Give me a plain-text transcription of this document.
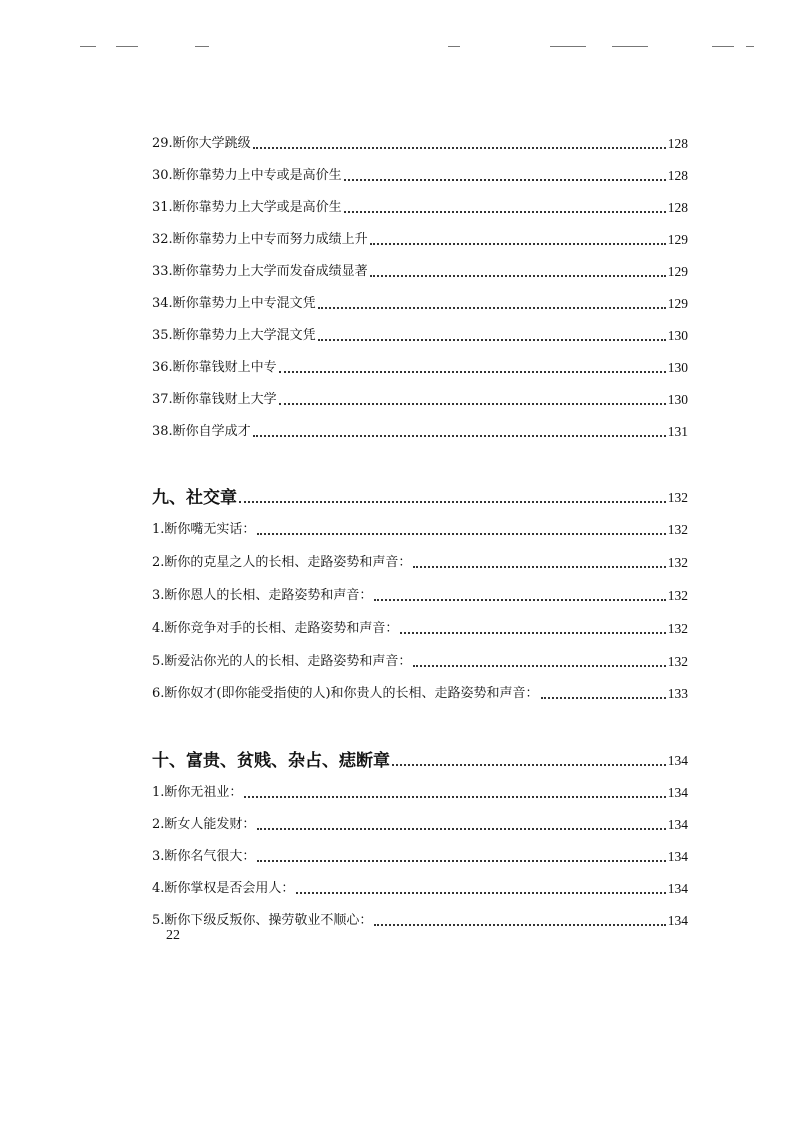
29.断你大学跳级	128
30.断你靠势力上中专或是高价生	128
31.断你靠势力上大学或是高价生	128
32.断你靠势力上中专而努力成绩上升	129
33.断你靠势力上大学而发奋成绩显著	129
34.断你靠势力上中专混文凭	129
35.断你靠势力上大学混文凭	130
36.断你靠钱财上中专	130
37.断你靠钱财上大学	130
38.断你自学成才	131
九、社交章	132
1.断你嘴无实话：	132
2.断你的克星之人的长相、走路姿势和声音：	132
3.断你恩人的长相、走路姿势和声音：	132
4.断你竞争对手的长相、走路姿势和声音：	132
5.断爱沾你光的人的长相、走路姿势和声音：	132
6.断你奴才(即你能受指使的人)和你贵人的长相、走路姿势和声音：	133
十、富贵、贫贱、杂占、痣断章	134
1.断你无祖业：	134
2.断女人能发财：	134
3.断你名气很大：	134
4.断你掌权是否会用人：	134
5.断你下级反叛你、操劳敬业不顺心：	134
22
